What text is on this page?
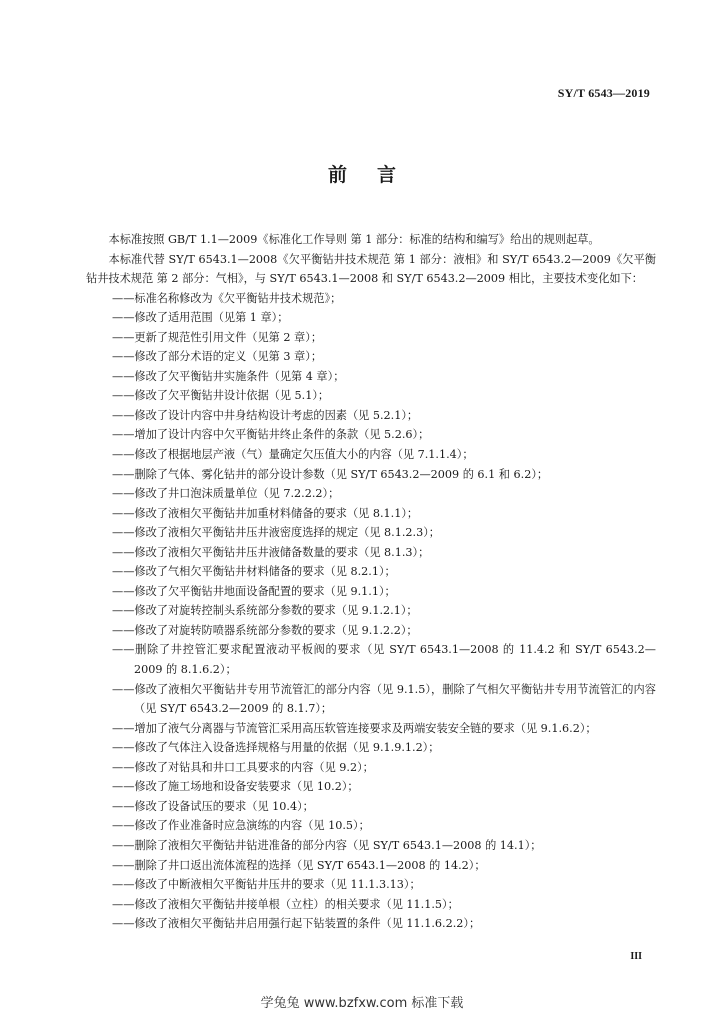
SY/T 6543—2019
前言

本标准按照 GB/T 1.1—2009《标准化工作导则 第 1 部分：标准的结构和编写》给出的规则起草。

本标准代替 SY/T 6543.1—2008《欠平衡钻井技术规范 第 1 部分：液相》和 SY/T 6543.2—2009《欠平衡钻井技术规范 第 2 部分：气相》，与 SY/T 6543.1—2008 和 SY/T 6543.2—2009 相比，主要技术变化如下：

——标准名称修改为《欠平衡钻井技术规范》；
——修改了适用范围（见第 1 章）；
——更新了规范性引用文件（见第 2 章）；
——修改了部分术语的定义（见第 3 章）；
——修改了欠平衡钻井实施条件（见第 4 章）；
——修改了欠平衡钻井设计依据（见 5.1）；
——修改了设计内容中井身结构设计考虑的因素（见 5.2.1）；
——增加了设计内容中欠平衡钻井终止条件的条款（见 5.2.6）；
——修改了根据地层产液（气）量确定欠压值大小的内容（见 7.1.1.4）；
——删除了气体、雾化钻井的部分设计参数（见 SY/T 6543.2—2009 的 6.1 和 6.2）；
——修改了井口泡沫质量单位（见 7.2.2.2）；
——修改了液相欠平衡钻井加重材料储备的要求（见 8.1.1）；
——修改了液相欠平衡钻井压井液密度选择的规定（见 8.1.2.3）；
——修改了液相欠平衡钻井压井液储备数量的要求（见 8.1.3）；
——修改了气相欠平衡钻井材料储备的要求（见 8.2.1）；
——修改了欠平衡钻井地面设备配置的要求（见 9.1.1）；
——修改了对旋转控制头系统部分参数的要求（见 9.1.2.1）；
——修改了对旋转防喷器系统部分参数的要求（见 9.1.2.2）；
——删除了井控管汇要求配置液动平板阀的要求（见 SY/T 6543.1—2008 的 11.4.2 和 SY/T 6543.2—2009 的 8.1.6.2）；
——修改了液相欠平衡钻井专用节流管汇的部分内容（见 9.1.5），删除了气相欠平衡钻井专用节流管汇的内容（见 SY/T 6543.2—2009 的 8.1.7）；
——增加了液气分离器与节流管汇采用高压软管连接要求及两端安装安全链的要求（见 9.1.6.2）；
——修改了气体注入设备选择规格与用量的依据（见 9.1.9.1.2）；
——修改了对钻具和井口工具要求的内容（见 9.2）；
——修改了施工场地和设备安装要求（见 10.2）；
——修改了设备试压的要求（见 10.4）；
——修改了作业准备时应急演练的内容（见 10.5）；
——删除了液相欠平衡钻井钻进准备的部分内容（见 SY/T 6543.1—2008 的 14.1）；
——删除了井口返出流体流程的选择（见 SY/T 6543.1—2008 的 14.2）；
——修改了中断液相欠平衡钻井压井的要求（见 11.1.3.13）；
——修改了液相欠平衡钻井接单根（立柱）的相关要求（见 11.1.5）；
——修改了液相欠平衡钻井启用强行起下钻装置的条件（见 11.1.6.2.2）；
III
学兔兔 www.bzfxw.com 标准下载
